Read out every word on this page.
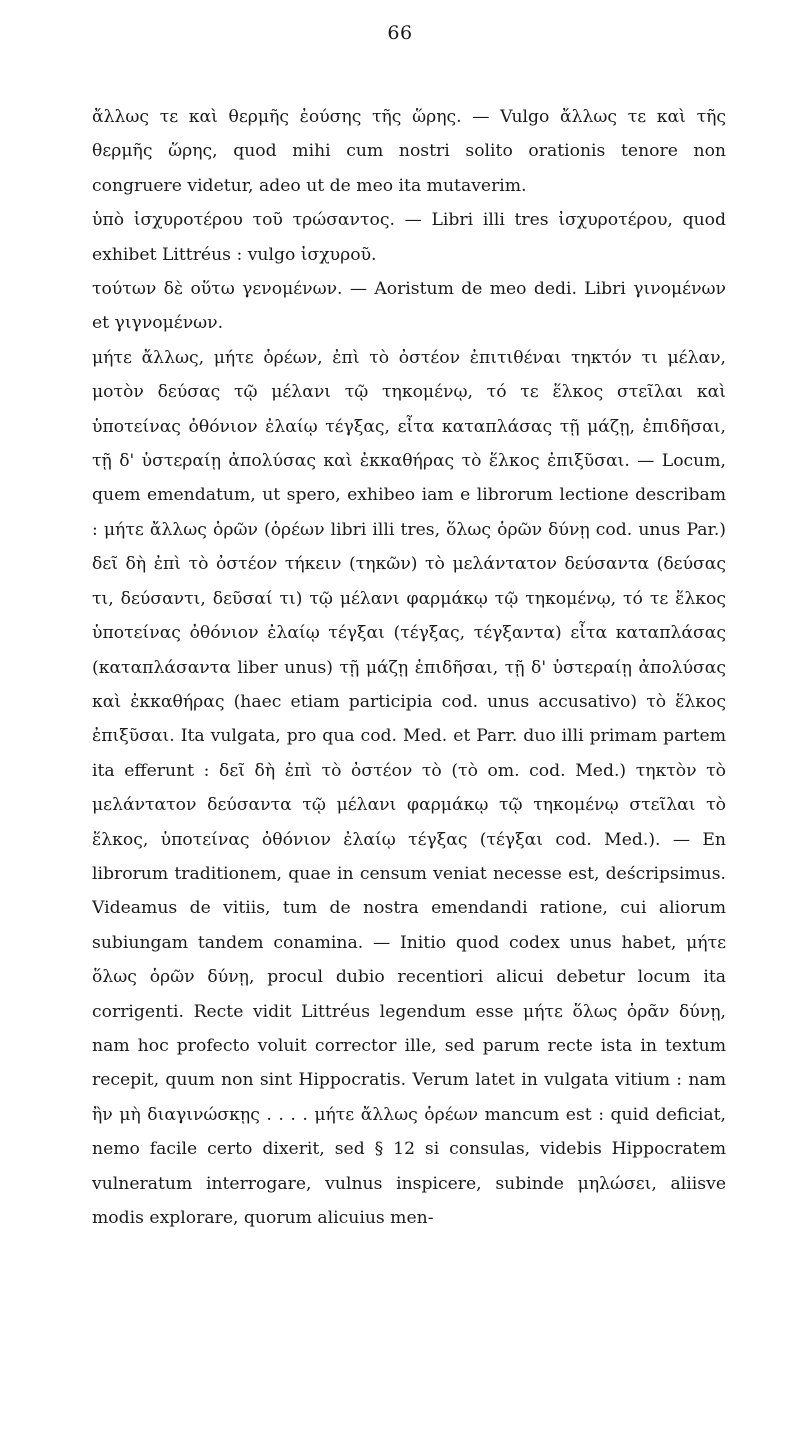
66

ἄλλως τε καὶ θερμῆς ἐούσης τῆς ὥρης. — Vulgo ἄλλως τε καὶ τῆς θερμῆς ὥρης, quod mihi cum nostri solito orationis tenore non congruere videtur, adeo ut de meo ita mutaverim.

ὑπὸ ἰσχυροτέρου τοῦ τρώσαντος. — Libri illi tres ἰσχυροτέρου, quod exhibet Littréus : vulgo ἰσχυροῦ.

τούτων δὲ οὕτω γενομένων. — Aoristum de meo dedi. Libri γινομένων et γιγνομένων.

μήτε ἄλλως, μήτε ὁρέων, ἐπὶ τὸ ὀστέον ἐπιτιθέναι τηκτόν τι μέλαν, μοτὸν δεύσας τῷ μέλανι τῷ τηκομένῳ, τό τε ἕλκος στεῖλαι καὶ ὑποτείνας ὀθόνιον ἐλαίῳ τέγξας, εἶτα καταπλάσας τῇ μάζῃ, ἐπιδῆσαι, τῇ δ' ὑστεραίῃ ἀπολύσας καὶ ἐκκαθήρας τὸ ἕλκος ἐπιξῦσαι. — Locum, quem emendatum, ut spero, exhibeo iam e librorum lectione describam : μήτε ἄλλως ὁρῶν (ὁρέων libri illi tres, ὅλως ὁρῶν δύνῃ cod. unus Par.) δεῖ δὴ ἐπὶ τὸ ὀστέον τήκειν (τηκῶν) τὸ μελάντατον δεύσαντα (δεύσας τι, δεύσαντι, δεῦσαί τι) τῷ μέλανι φαρμάκῳ τῷ τηκομένῳ, τό τε ἕλκος ὑποτείνας ὀθόνιον ἐλαίῳ τέγξαι (τέγξας, τέγξαντα) εἶτα καταπλάσας (καταπλάσαντα liber unus) τῇ μάζῃ ἐπιδῆσαι, τῇ δ' ὑστεραίῃ ἀπολύσας καὶ ἐκκαθήρας (haec etiam participia cod. unus accusativo) τὸ ἕλκος ἐπιξῦσαι. Ita vulgata, pro qua cod. Med. et Parr. duo illi primam partem ita efferunt : δεῖ δὴ ἐπὶ τὸ ὀστέον τὸ (τὸ om. cod. Med.) τηκτὸν τὸ μελάντατον δεύσαντα τῷ μέλανι φαρμάκῳ τῷ τηκομένῳ στεῖλαι τὸ ἕλκος, ὑποτείνας ὀθόνιον ἐλαίῳ τέγξας (τέγξαι cod. Med.). — En librorum traditionem, quae in censum veniat necesse est, deścripsimus. Videamus de vitiis, tum de nostra emendandi ratione, cui aliorum subiungam tandem conamina. — Initio quod codex unus habet, μήτε ὅλως ὁρῶν δύνῃ, procul dubio recentiori alicui debetur locum ita corrigenti. Recte vidit Littréus legendum esse μήτε ὅλως ὁρᾶν δύνῃ, nam hoc profecto voluit corrector ille, sed parum recte ista in textum recepit, quum non sint Hippocratis. Verum latet in vulgata vitium : nam ἢν μὴ διαγινώσκῃς . . . . μήτε ἄλλως ὁρέων mancum est : quid deficiat, nemo facile certo dixerit, sed § 12 si consulas, videbis Hippocratem vulneratum interrogare, vulnus inspicere, subinde μηλώσει, aliisve modis explorare, quorum alicuius men-
